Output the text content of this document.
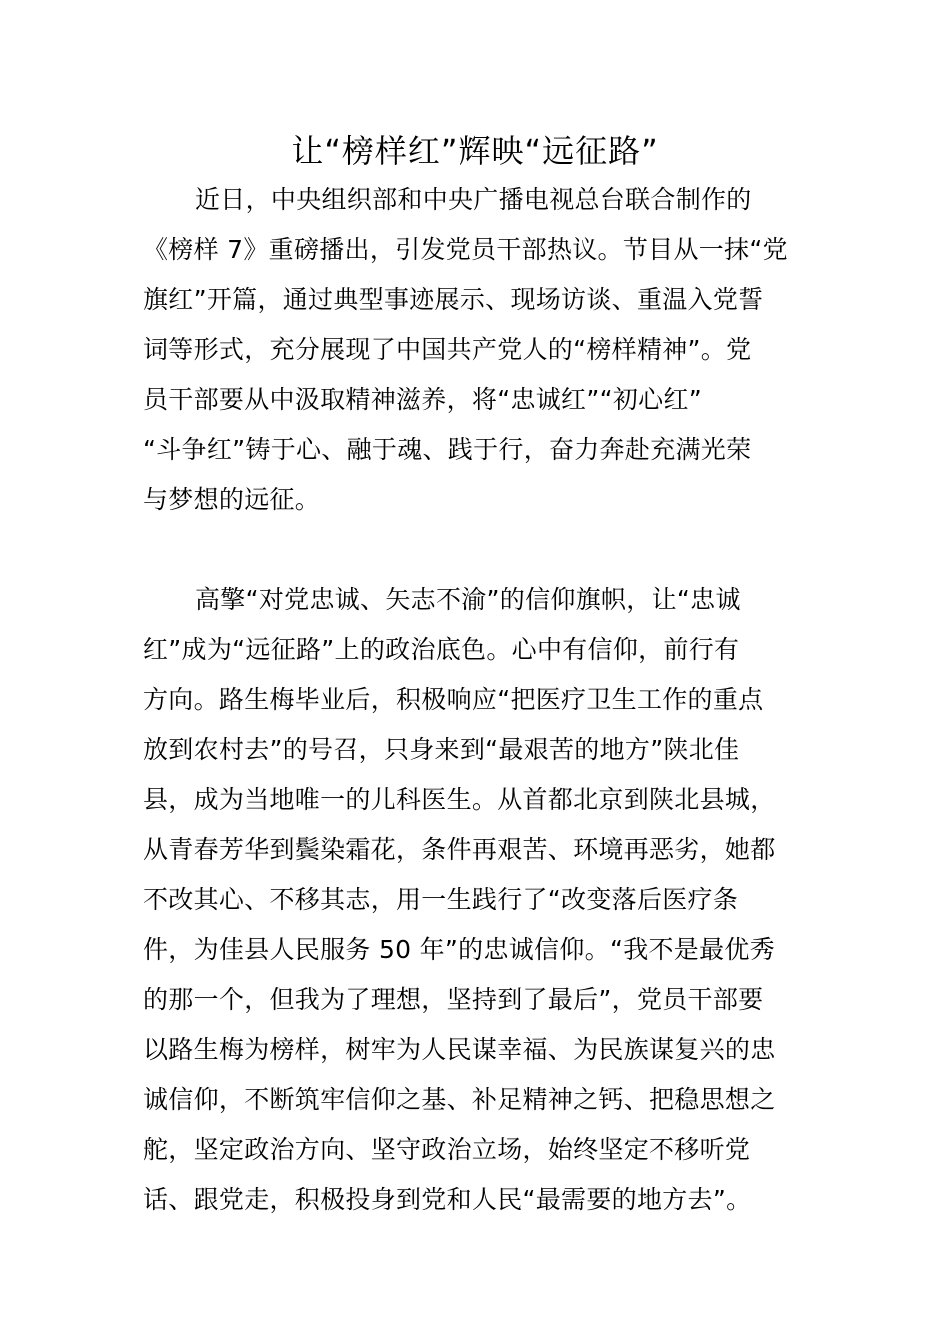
让“榜样红”辉映“远征路”
近日，中央组织部和中央广播电视总台联合制作的
《榜样 7》重磅播出，引发党员干部热议。节目从一抹“党
旗红”开篇，通过典型事迹展示、现场访谈、重温入党誓
词等形式，充分展现了中国共产党人的“榜样精神”。党
员干部要从中汲取精神滋养，将“忠诚红”“初心红”
“斗争红”铸于心、融于魂、践于行，奋力奔赴充满光荣
与梦想的远征。
高擎“对党忠诚、矢志不渝”的信仰旗帜，让“忠诚
红”成为“远征路”上的政治底色。心中有信仰，前行有
方向。路生梅毕业后，积极响应“把医疗卫生工作的重点
放到农村去”的号召，只身来到“最艰苦的地方”陕北佳
县，成为当地唯一的儿科医生。从首都北京到陕北县城，
从青春芳华到鬓染霜花，条件再艰苦、环境再恶劣，她都
不改其心、不移其志，用一生践行了“改变落后医疗条
件，为佳县人民服务 50 年”的忠诚信仰。“我不是最优秀
的那一个，但我为了理想，坚持到了最后”，党员干部要
以路生梅为榜样，树牢为人民谋幸福、为民族谋复兴的忠
诚信仰，不断筑牢信仰之基、补足精神之钙、把稳思想之
舵，坚定政治方向、坚守政治立场，始终坚定不移听党
话、跟党走，积极投身到党和人民“最需要的地方去”。
